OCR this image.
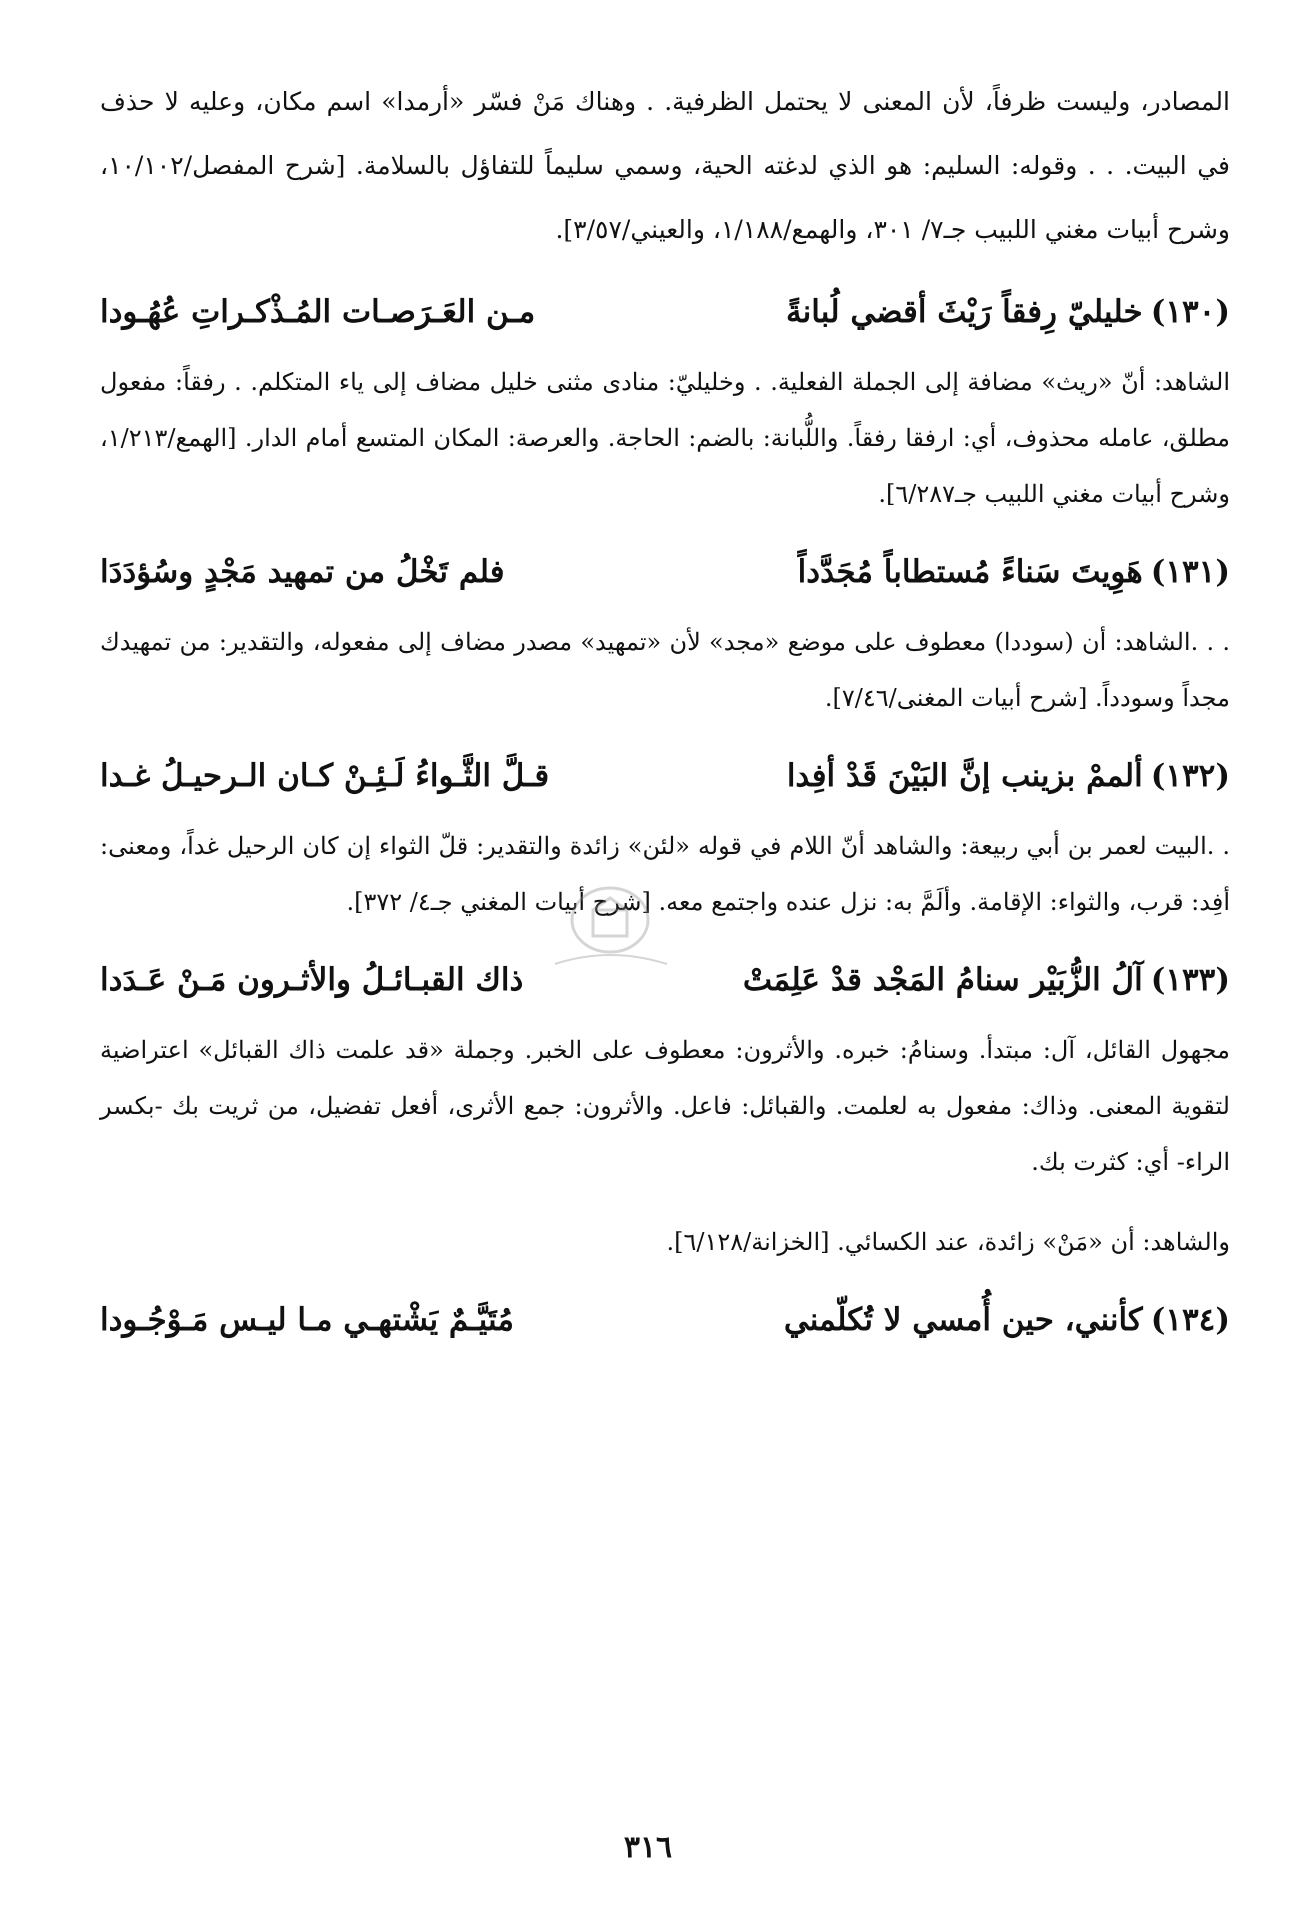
المصادر، وليست ظرفاً، لأن المعنى لا يحتمل الظرفية. . وهناك مَنْ فسّر «أرمدا» اسم مكان، وعليه لا حذف في البيت. . . وقوله: السليم: هو الذي لدغته الحية، وسمي سليماً للتفاؤل بالسلامة. [شرح المفصل/١٠/١٠٢، وشرح أبيات مغني اللبيب جـ٧/ ٣٠١، والهمع/١/١٨٨، والعيني/٣/٥٧].

(١٣٠)خليليّ رِفقاً رَيْثَ أقضي لُبانةً
مـن العَـرَصـات المُـذْكـراتِ عُهُـودا

الشاهد: أنّ «ريث» مضافة إلى الجملة الفعلية. . وخليليّ: منادى مثنى خليل مضاف إلى ياء المتكلم. . رفقاً: مفعول مطلق، عامله محذوف، أي: ارفقا رفقاً. واللُّبانة: بالضم: الحاجة. والعرصة: المكان المتسع أمام الدار. [الهمع/١/٢١٣، وشرح أبيات مغني اللبيب جـ٦/٢٨٧].

(١٣١)هَوِيتَ سَناءً مُستطاباً مُجَدَّداً
فلم تَخْلُ من تمهيد مَجْدٍ وسُؤدَدَا

. . .الشاهد: أن (سوددا) معطوف على موضع «مجد» لأن «تمهيد» مصدر مضاف إلى مفعوله، والتقدير: من تمهيدك مجداً وسودداً. [شرح أبيات المغنى/٧/٤٦].

(١٣٢)ألممْ بزينب إنَّ البَيْنَ قَدْ أفِدا
قـلَّ الثَّـواءُ لَـئِـنْ كـان الـرحيـلُ غـدا

. .البيت لعمر بن أبي ربيعة: والشاهد أنّ اللام في قوله «لئن» زائدة والتقدير: قلّ الثواء إن كان الرحيل غداً، ومعنى: أفِد: قرب، والثواء: الإقامة. وألَمَّ به: نزل عنده واجتمع معه. [شرح أبيات المغني جـ٤/ ٣٧٢].

(١٣٣)آلُ الزُّبَيْر سنامُ المَجْد قدْ عَلِمَتْ
ذاك القبـائـلُ والأثـرون مَـنْ عَـدَدا

مجهول القائل، آل: مبتدأ. وسنامُ: خبره. والأثرون: معطوف على الخبر. وجملة «قد علمت ذاك القبائل» اعتراضية لتقوية المعنى. وذاك: مفعول به لعلمت. والقبائل: فاعل. والأثرون: جمع الأثرى، أفعل تفضيل، من ثريت بك -بكسر الراء- أي: كثرت بك.

والشاهد: أن «مَنْ» زائدة، عند الكسائي. [الخزانة/٦/١٢٨].

(١٣٤)كأنني، حين أُمسي لا تُكلّمني
مُتَيَّـمٌ يَشْتهـي مـا ليـس مَـوْجُـودا
٣١٦
